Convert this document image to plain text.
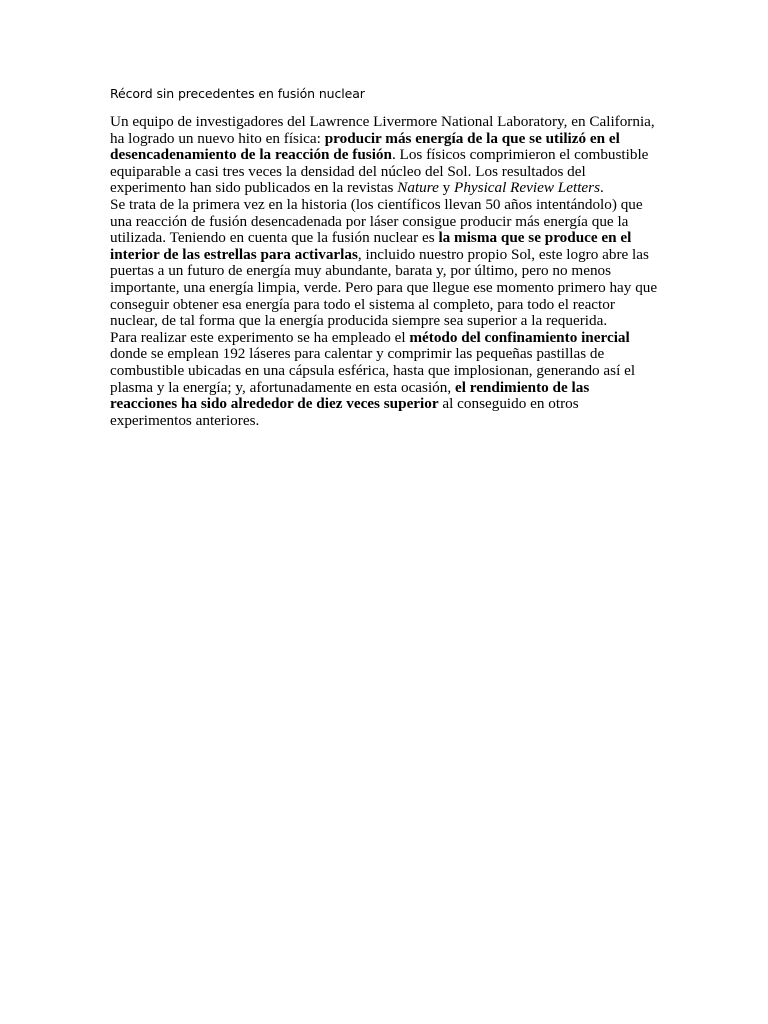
Récord sin precedentes en fusión nuclear

Un equipo de investigadores del Lawrence Livermore National Laboratory, en California, ha logrado un nuevo hito en física: producir más energía de la que se utilizó en el desencadenamiento de la reacción de fusión. Los físicos comprimieron el combustible equiparable a casi tres veces la densidad del núcleo del Sol. Los resultados del experimento han sido publicados en la revistas Nature y Physical Review Letters.

Se trata de la primera vez en la historia (los científicos llevan 50 años intentándolo) que una reacción de fusión desencadenada por láser consigue producir más energía que la utilizada. Teniendo en cuenta que la fusión nuclear es la misma que se produce en el interior de las estrellas para activarlas, incluido nuestro propio Sol, este logro abre las puertas a un futuro de energía muy abundante, barata y, por último, pero no menos importante, una energía limpia, verde. Pero para que llegue ese momento primero hay que conseguir obtener esa energía para todo el sistema al completo, para todo el reactor nuclear, de tal forma que la energía producida siempre sea superior a la requerida.

Para realizar este experimento se ha empleado el método del confinamiento inercial donde se emplean 192 láseres para calentar y comprimir las pequeñas pastillas de combustible ubicadas en una cápsula esférica, hasta que implosionan, generando así el plasma y la energía; y, afortunadamente en esta ocasión, el rendimiento de las reacciones ha sido alrededor de diez veces superior al conseguido en otros experimentos anteriores.
